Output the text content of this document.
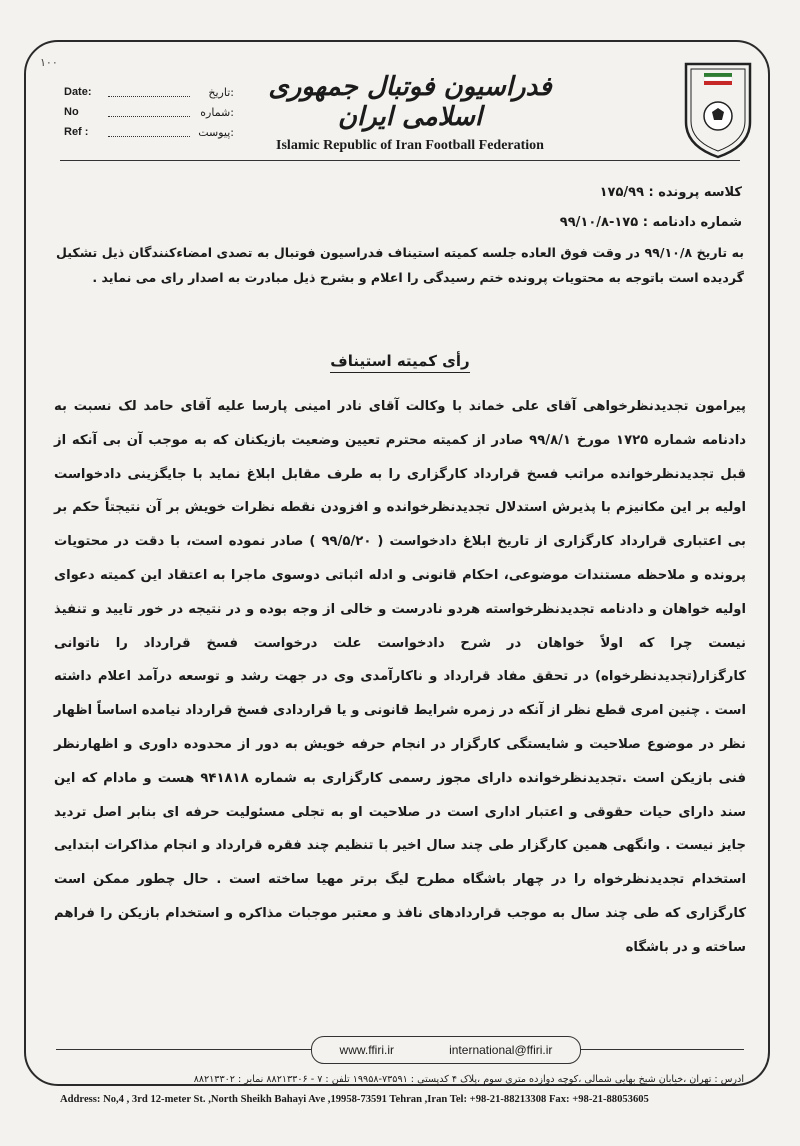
۱۰۰
Date:	تاریخ:
No	شماره:
Ref :	پیوست:
فدراسیون فوتبال جمهوری اسلامی ایران
Islamic Republic of Iran Football Federation
کلاسه پرونده : ۱۷۵/۹۹
شماره دادنامه : ۱۷۵-۹۹/۱۰/۸
به تاریخ ۹۹/۱۰/۸ در وقت فوق العاده جلسه کمیته استیناف فدراسیون فوتبال به تصدی امضاءکنندگان ذیل تشکیل گردیده است باتوجه به محتویات پرونده ختم رسیدگی را اعلام و بشرح ذیل مبادرت به اصدار رای می نماید .
رأی کمیته استیناف

پیرامون تجدیدنظرخواهی آقای علی خماند با وکالت آقای نادر امینی پارسا علیه آقای حامد لک نسبت به دادنامه شماره ۱۷۲۵ مورخ ۹۹/۸/۱ صادر از کمیته محترم تعیین وضعیت بازیکنان که به موجب آن بی آنکه از قبل تجدیدنظرخوانده مراتب فسخ قرارداد کارگزاری را به طرف مقابل ابلاغ نماید با جایگزینی دادخواست اولیه بر این مکانیزم با پذیرش استدلال تجدیدنظرخوانده و افزودن نقطه نظرات خویش بر آن نتیجتاً حکم بر بی اعتباری قرارداد کارگزاری از تاریخ ابلاغ دادخواست ( ۹۹/۵/۲۰ ) صادر نموده است، با دقت در محتویات پرونده و ملاحظه مستندات موضوعی، احکام قانونی و ادله اثباتی دوسوی ماجرا به اعتقاد این کمیته دعوای اولیه خواهان و دادنامه تجدیدنظرخواسته هردو نادرست و خالی از وجه بوده و در نتیجه در خور تایید و تنفیذ نیست چرا که اولاً خواهان در شرح دادخواست علت درخواست فسخ قرارداد را ناتوانی کارگزار(تجدیدنظرخواه) در تحقق مفاد قرارداد و ناکارآمدی وی در جهت رشد و توسعه درآمد اعلام داشته است . چنین امری قطع نظر از آنکه در زمره شرایط قانونی و یا قراردادی فسخ قرارداد نیامده اساساً اظهار نظر در موضوع صلاحیت و شایستگی کارگزار در انجام حرفه خویش به دور از محدوده داوری و اظهارنظر فنی بازیکن است .تجدیدنظرخوانده دارای مجوز رسمی کارگزاری به شماره ۹۴۱۸۱۸ هست و مادام که این سند دارای حیات حقوقی و اعتبار اداری است در صلاحیت او به تجلی مسئولیت حرفه ای بنابر اصل تردید جایز نیست . وانگهی همین کارگزار طی چند سال اخیر با تنظیم چند فقره قرارداد و انجام مذاکرات ابتدایی استخدام تجدیدنظرخواه را در چهار باشگاه مطرح لیگ برتر مهیا ساخته است . حال چطور ممکن است کارگزاری که طی چند سال به موجب قراردادهای نافذ و معتبر موجبات مذاکره و استخدام بازیکن را فراهم ساخته و در باشگاه

www.ffiri.ir	international@ffiri.ir
آدرس : تهران ،خیابان شیخ بهایی شمالی ،کوچه دوازده متری سوم ،پلاک ۴ کدپستی : ۷۳۵۹۱-۱۹۹۵۸ تلفن : ۷ - ۸۸۲۱۳۳۰۶ نمابر : ۸۸۲۱۳۳۰۲
Address: No,4 , 3rd 12-meter St. ,North Sheikh Bahayi Ave ,19958-73591 Tehran ,Iran Tel: +98-21-88213308 Fax: +98-21-88053605
